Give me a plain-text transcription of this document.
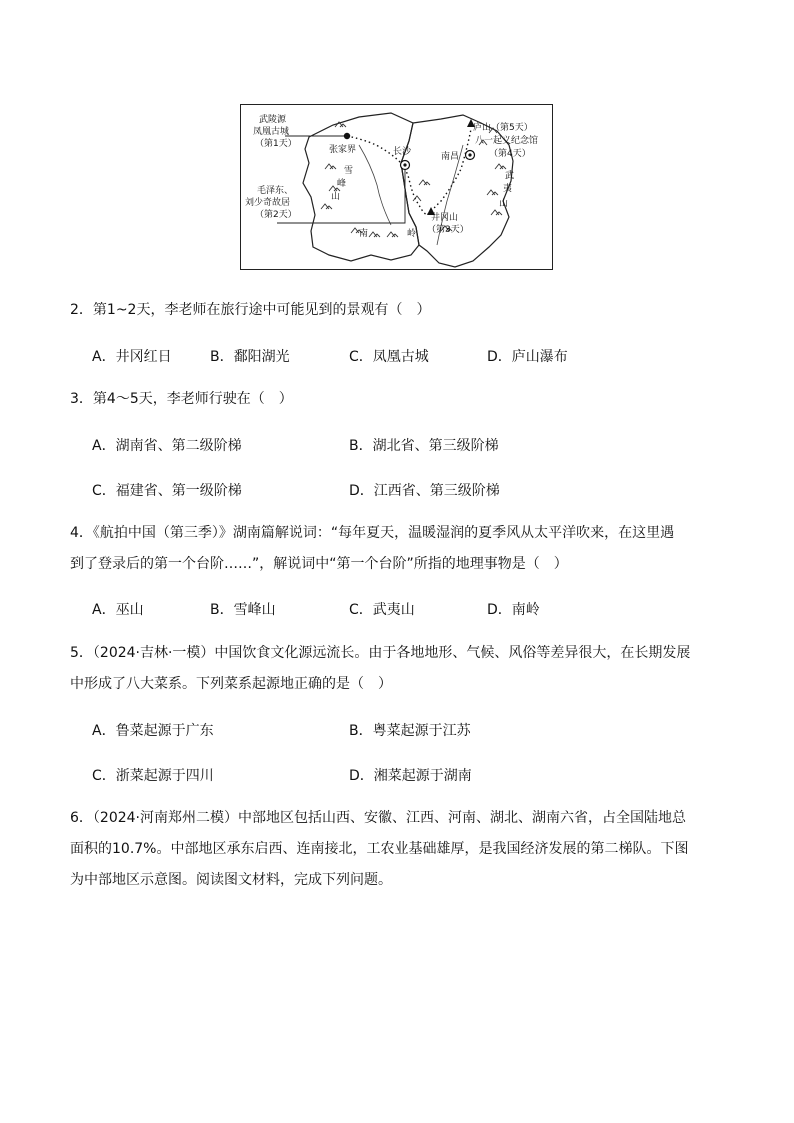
武陵源
凤凰古城
（第1天）
张家界	长沙
毛泽东、
刘少奇故居
（第2天）
雪
峰
山
南	岭
井冈山
（第3天）
南昌
庐山（第5天）
八一起义纪念馆
（第4天）
武
夷
山
2．第1~2天，李老师在旅行途中可能见到的景观有（　）
A．井冈红日	B．鄱阳湖光	C．凤凰古城	D．庐山瀑布
3．第4～5天，李老师行驶在（　）
A．湖南省、第二级阶梯	B．湖北省、第三级阶梯
C．福建省、第一级阶梯	D．江西省、第三级阶梯
4．《航拍中国（第三季）》湖南篇解说词：“每年夏天，温暖湿润的夏季风从太平洋吹来，在这里遇
到了登录后的第一个台阶……”，解说词中“第一个台阶”所指的地理事物是（　）
A．巫山	B．雪峰山	C．武夷山	D．南岭
5．（2024·吉林·一模）中国饮食文化源远流长。由于各地地形、气候、风俗等差异很大，在长期发展
中形成了八大菜系。下列菜系起源地正确的是（　）
A．鲁菜起源于广东	B．粤菜起源于江苏
C．浙菜起源于四川	D．湘菜起源于湖南
6．（2024·河南郑州二模）中部地区包括山西、安徽、江西、河南、湖北、湖南六省，占全国陆地总
面积的10.7%。中部地区承东启西、连南接北，工农业基础雄厚，是我国经济发展的第二梯队。下图
为中部地区示意图。阅读图文材料，完成下列问题。
